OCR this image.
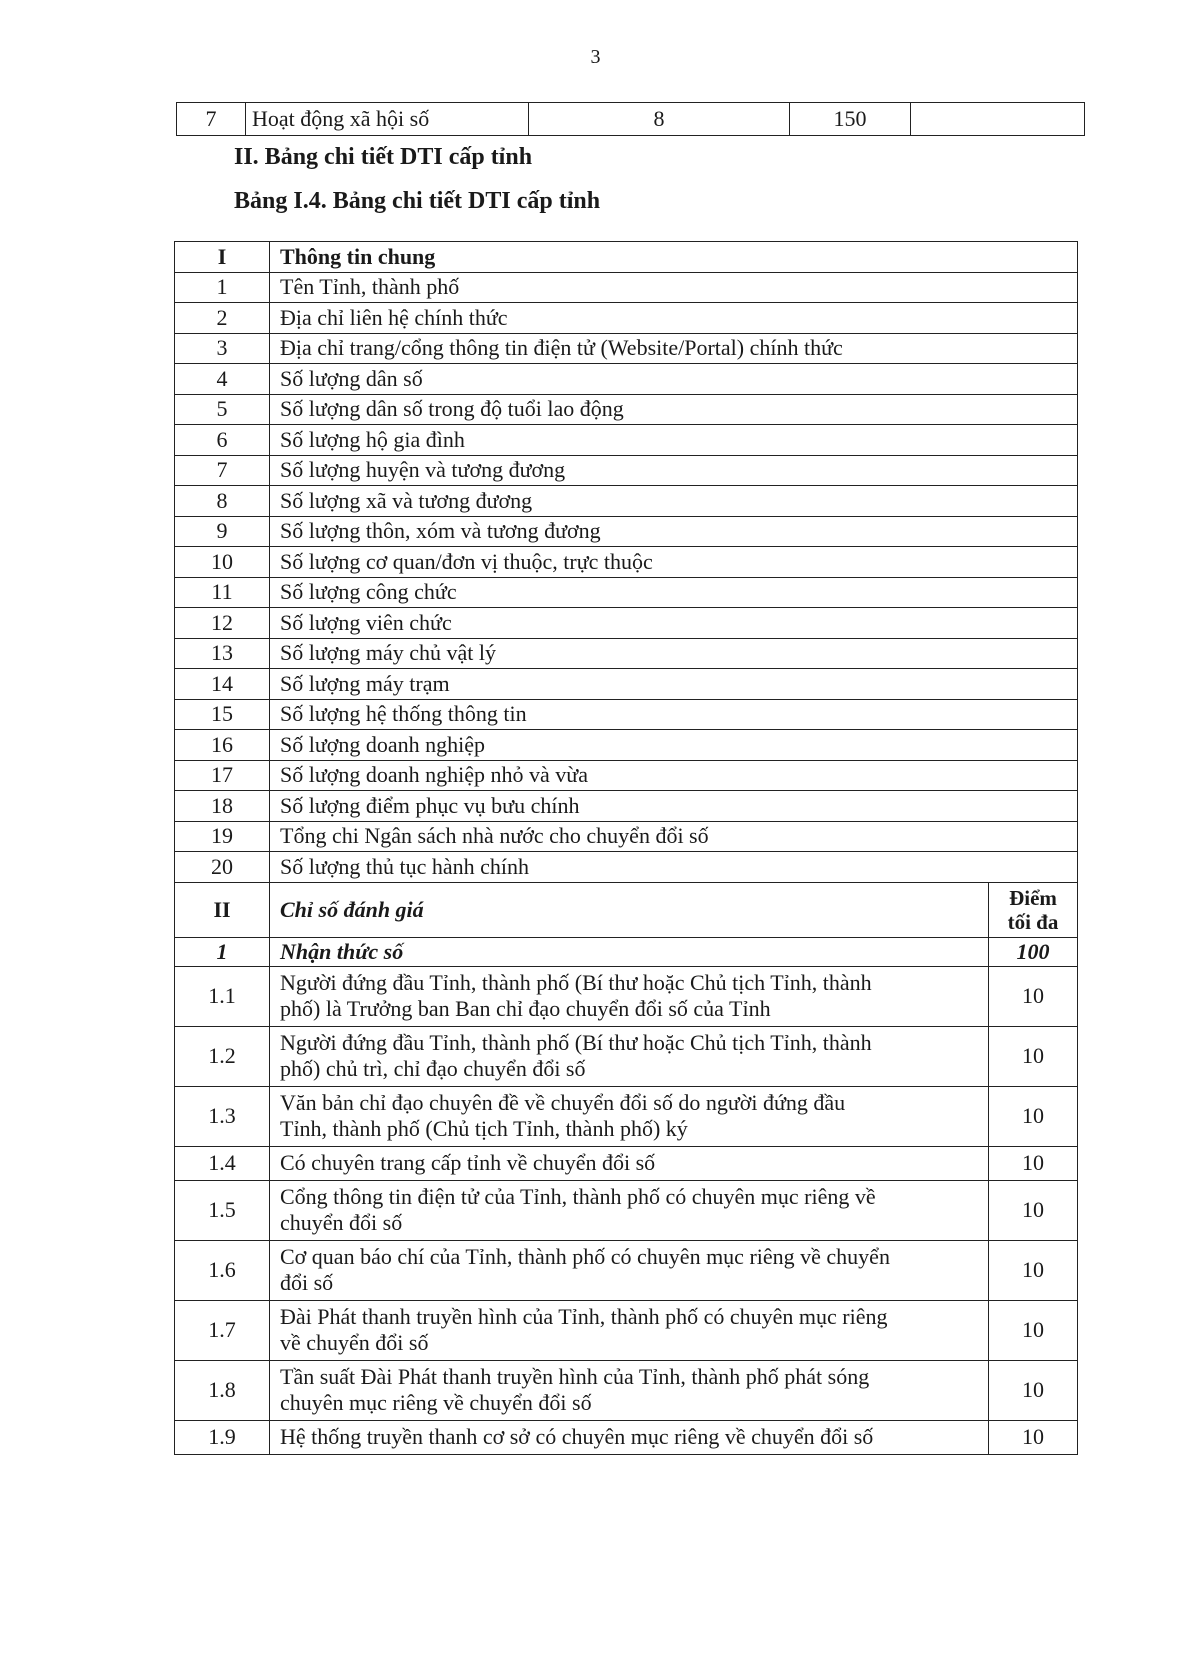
3
7	Hoạt động xã hội số	8	150	
II. Bảng chi tiết DTI cấp tỉnh
Bảng I.4. Bảng chi tiết DTI cấp tỉnh
I	Thông tin chung	
1	Tên Tỉnh, thành phố	
2	Địa chỉ liên hệ chính thức	
3	Địa chỉ trang/cổng thông tin điện tử (Website/Portal) chính thức	
4	Số lượng dân số	
5	Số lượng dân số trong độ tuổi lao động	
6	Số lượng hộ gia đình	
7	Số lượng huyện và tương đương	
8	Số lượng xã và tương đương	
9	Số lượng thôn, xóm và tương đương	
10	Số lượng cơ quan/đơn vị thuộc, trực thuộc	
11	Số lượng công chức	
12	Số lượng viên chức	
13	Số lượng máy chủ vật lý	
14	Số lượng máy trạm	
15	Số lượng hệ thống thông tin	
16	Số lượng doanh nghiệp	
17	Số lượng doanh nghiệp nhỏ và vừa	
18	Số lượng điểm phục vụ bưu chính	
19	Tổng chi Ngân sách nhà nước cho chuyển đổi số	
20	Số lượng thủ tục hành chính	
II	Chỉ số đánh giá	Điểm
tối đa

1	Nhận thức số	100
1.1	Người đứng đầu Tỉnh, thành phố (Bí thư hoặc Chủ tịch Tỉnh, thành
phố) là Trưởng ban Ban chỉ đạo chuyển đổi số của Tỉnh	10
1.2	Người đứng đầu Tỉnh, thành phố (Bí thư hoặc Chủ tịch Tỉnh, thành
phố) chủ trì, chỉ đạo chuyển đổi số	10
1.3	Văn bản chỉ đạo chuyên đề về chuyển đổi số do người đứng đầu
Tỉnh, thành phố (Chủ tịch Tỉnh, thành phố) ký	10
1.4	Có chuyên trang cấp tỉnh về chuyển đổi số	10
1.5	Cổng thông tin điện tử của Tỉnh, thành phố có chuyên mục riêng về
chuyển đổi số	10
1.6	Cơ quan báo chí của Tỉnh, thành phố có chuyên mục riêng về chuyển
đổi số	10
1.7	Đài Phát thanh truyền hình của Tỉnh, thành phố có chuyên mục riêng
về chuyển đổi số	10
1.8	Tần suất Đài Phát thanh truyền hình của Tỉnh, thành phố phát sóng
chuyên mục riêng về chuyển đổi số	10
1.9	Hệ thống truyền thanh cơ sở có chuyên mục riêng về chuyển đổi số	10
